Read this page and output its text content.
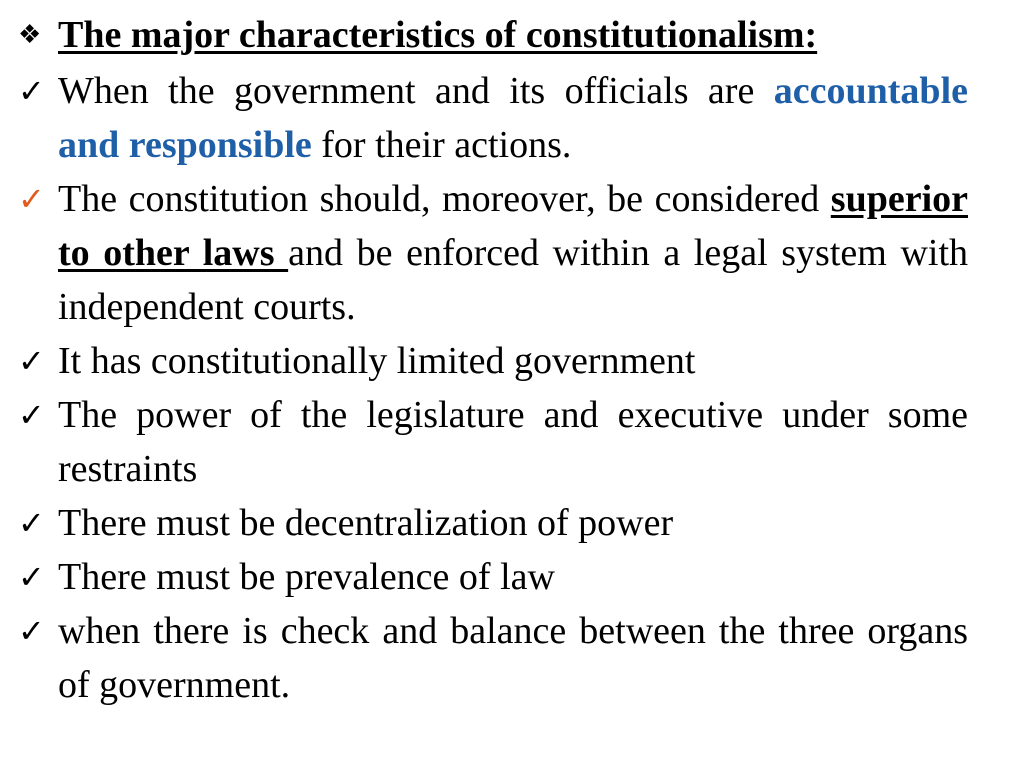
❖ The major characteristics of constitutionalism:
✓ When the government and its officials are accountable and responsible for their actions.
✓ The constitution should, moreover, be considered superior to other laws and be enforced within a legal system with independent courts.
✓ It has constitutionally limited government
✓ The power of the legislature and executive under some restraints
✓ There must be decentralization of power
✓ There must be prevalence of law
✓ when there is check and balance between the three organs of government.
